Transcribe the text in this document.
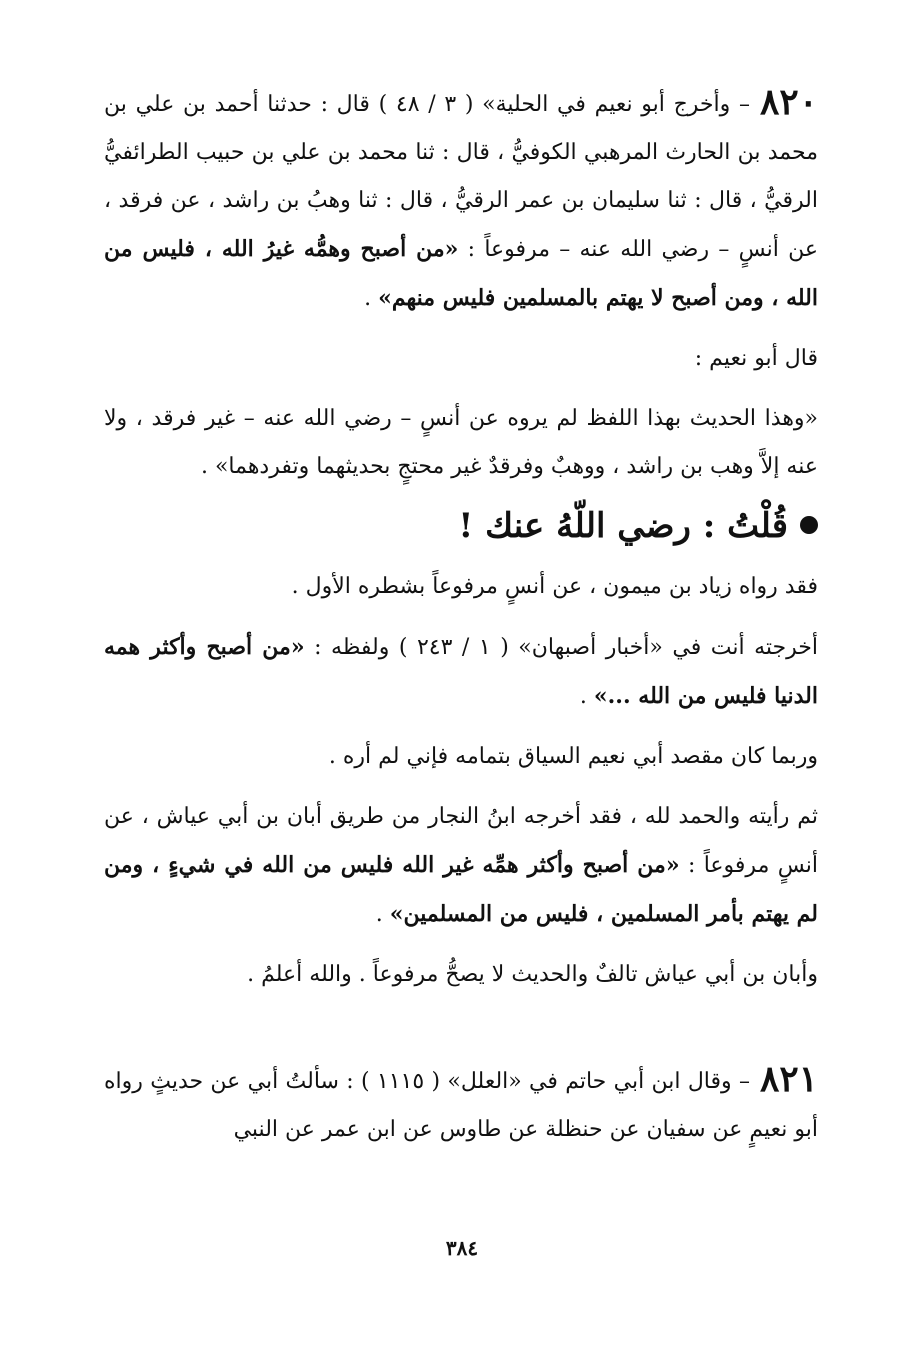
٨٢٠– وأخرج أبو نعيم في الحلية» ( ٣ / ٤٨ ) قال : حدثنا أحمد بن علي بن محمد بن الحارث المرهبي الكوفيُّ ، قال : ثنا محمد بن علي بن حبيب الطرائفيُّ الرقيُّ ، قال : ثنا سليمان بن عمر الرقيُّ ، قال : ثنا وهبُ بن راشد ، عن فرقد ، عن أنسٍ – رضي الله عنه – مرفوعاً : «من أصبح وهمُّه غيرُ الله ، فليس من الله ، ومن أصبح لا يهتم بالمسلمين فليس منهم» .

قال أبو نعيم :

«وهذا الحديث بهذا اللفظ لم يروه عن أنسٍ – رضي الله عنه – غير فرقد ، ولا عنه إلاَّ وهب بن راشد ، ووهبٌ وفرقدٌ غير محتجٍ بحديثهما وتفردهما» .

قُلْتُ : رضي اللّهُ عنك !

فقد رواه زياد بن ميمون ، عن أنسٍ مرفوعاً بشطره الأول .

أخرجته أنت في «أخبار أصبهان» ( ١ / ٢٤٣ ) ولفظه : «من أصبح وأكثر همه الدنيا فليس من الله ...» .

وربما كان مقصد أبي نعيم السياق بتمامه فإني لم أره .

ثم رأيته والحمد لله ، فقد أخرجه ابنُ النجار من طريق أبان بن أبي عياش ، عن أنسٍ مرفوعاً : «من أصبح وأكثر همِّه غير الله فليس من الله في شيءٍ ، ومن لم يهتم بأمر المسلمين ، فليس من المسلمين» .

وأبان بن أبي عياش تالفٌ والحديث لا يصحُّ مرفوعاً . والله أعلمُ .

٨٢١– وقال ابن أبي حاتم في «العلل» ( ١١١٥ ) : سألتُ أبي عن حديثٍ رواه أبو نعيمٍ عن سفيان عن حنظلة عن طاوس عن ابن عمر عن النبي

٣٨٤
